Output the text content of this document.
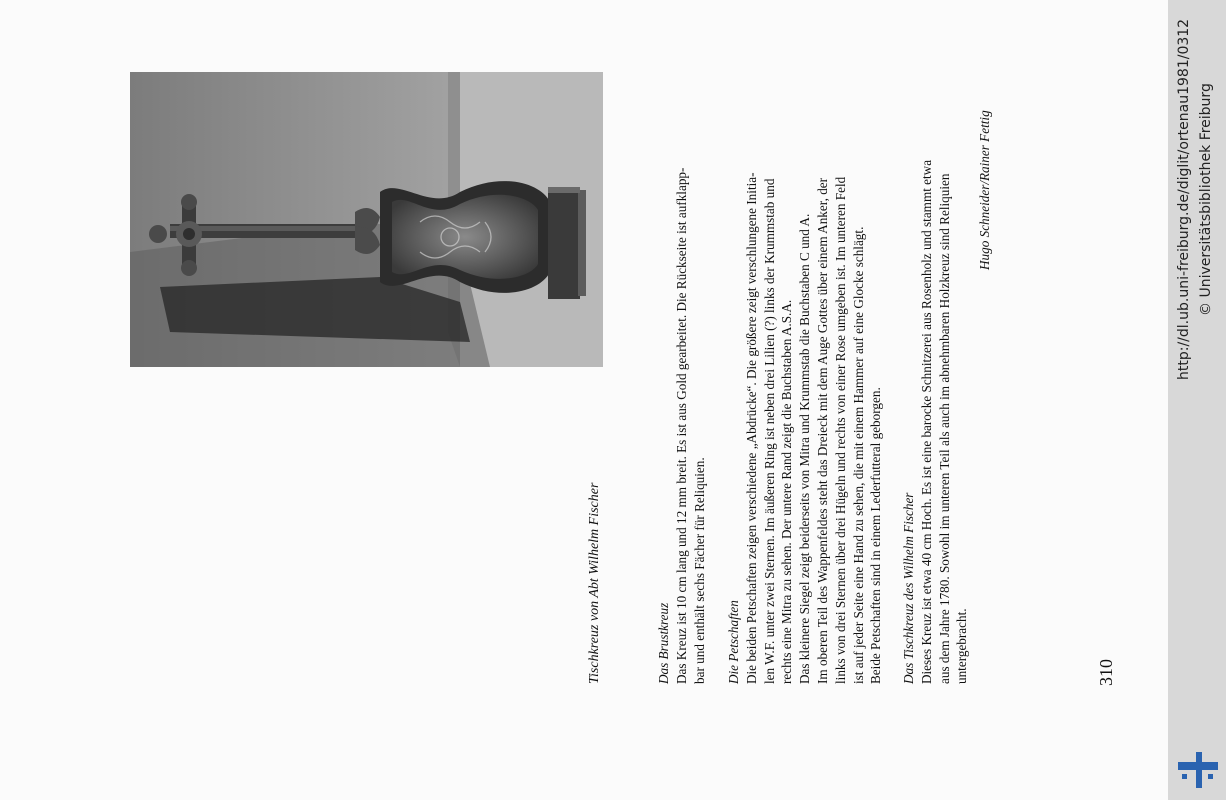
Tischkreuz von Abt Wilhelm Fischer	310
Das Brustkreuz Das Kreuz ist 10 cm lang und 12 mm breit. Es ist aus Gold gearbeitet. Die Rückseite ist aufklapp- bar und enthält sechs Fächer für Reliquien. Die Petschaften Die beiden Petschaften zeigen verschiedene „Abdrücke“. Die größere zeigt verschlungene Initia- len W.F. unter zwei Sternen. Im äußeren Ring ist neben drei Lilien (?) links der Krummstab und rechts eine Mitra zu sehen. Der untere Rand zeigt die Buchstaben A.S.A. Das kleinere Siegel zeigt beiderseits von Mitra und Krummstab die Buchstaben C und A. Im oberen Teil des Wappenfeldes steht das Dreieck mit dem Auge Gottes über einem Anker, der links von drei Sternen über drei Hügeln und rechts von einer Rose umgeben ist. Im unteren Feld ist auf jeder Seite eine Hand zu sehen, die mit einem Hammer auf eine Glocke schlägt. Beide Petschaften sind in einem Lederfutteral geborgen. Das Tischkreuz des Wilhelm Fischer Dieses Kreuz ist etwa 40 cm Hoch. Es ist eine barocke Schnitzerei aus Rosenholz und stammt etwa aus dem Jahre 1780. Sowohl im unteren Teil als auch im abnehmbaren Holzkreuz sind Reliquien untergebracht.
Hugo Schneider/Rainer Fettig	http://dl.ub.uni-freiburg.de/diglit/ortenau1981/0312 © Universitätsbibliothek Freiburg
